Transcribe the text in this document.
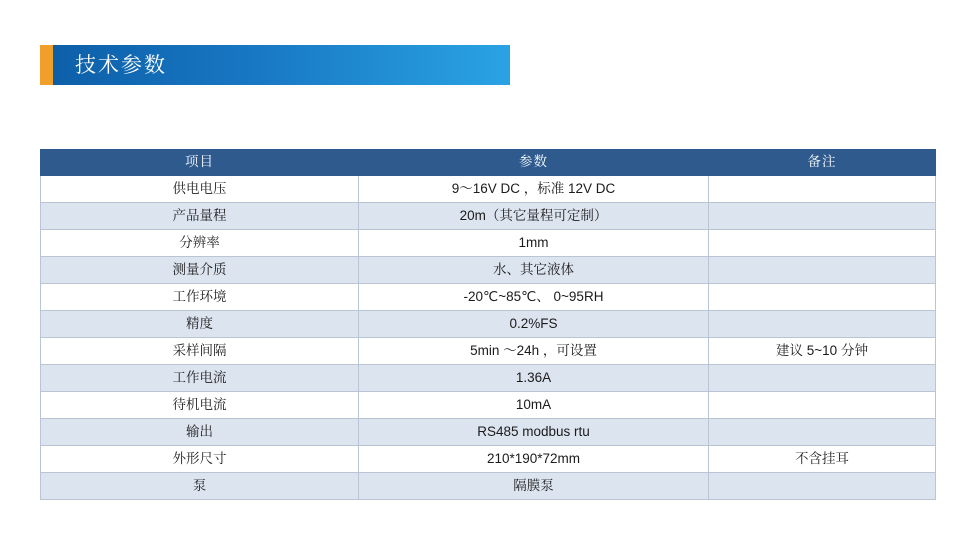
技术参数
项目	参数	备注
供电电压	9〜16V DC ，标准 12V DC	
产品量程	20m（其它量程可定制）	
分辨率	1mm	
测量介质	水、其它液体	
工作环境	-20℃~85℃、 0~95RH	
精度	0.2%FS	
采样间隔	5min 〜24h ，可设置	建议 5~10 分钟
工作电流	1.36A	
待机电流	10mA	
输出	RS485 modbus rtu	
外形尺寸	210*190*72mm	不含挂耳
泵	隔膜泵	
